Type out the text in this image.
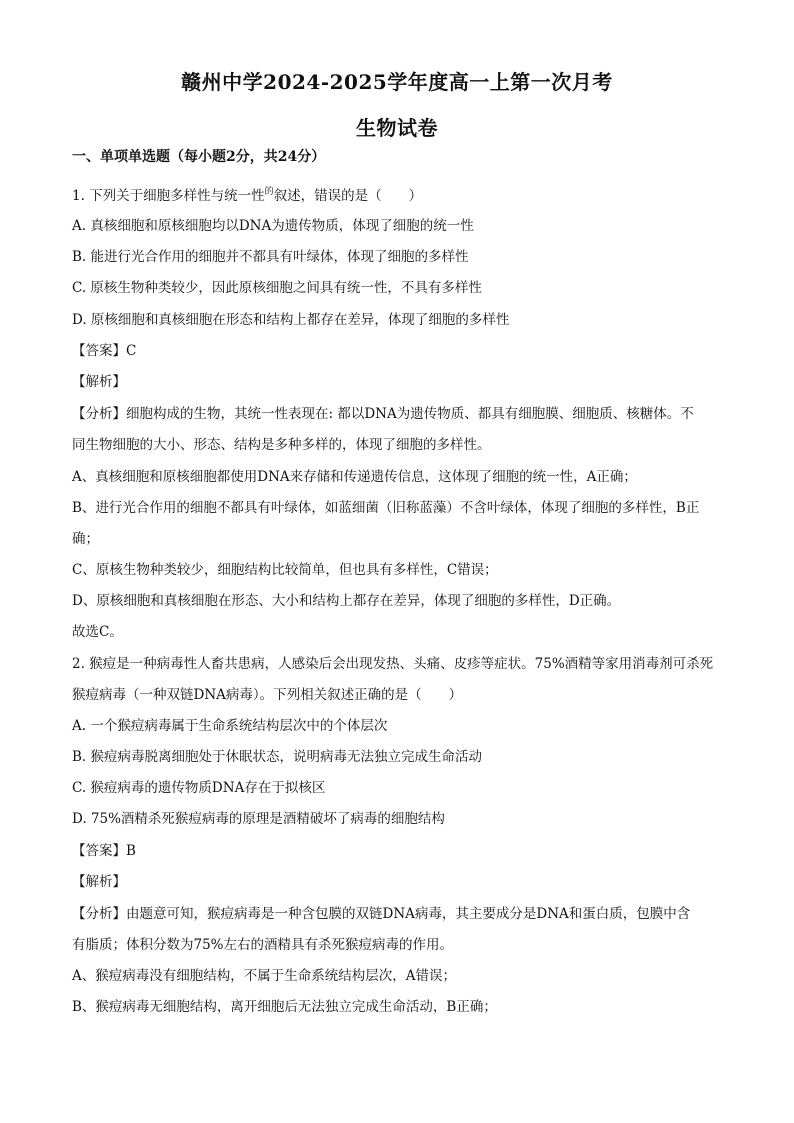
赣州中学2024-2025学年度高一上第一次月考
生物试卷
一、单项单选题（每小题2分，共24分）
1. 下列关于细胞多样性与统一性$^的$叙述，错误的是（　　）
A. 真核细胞和原核细胞均以DNA为遗传物质，体现了细胞的统一性
B. 能进行光合作用的细胞并不都具有叶绿体，体现了细胞的多样性
C. 原核生物种类较少，因此原核细胞之间具有统一性，不具有多样性
D. 原核细胞和真核细胞在形态和结构上都存在差异，体现了细胞的多样性
【答案】C
【解析】
【分析】细胞构成的生物，其统一性表现在: 都以DNA为遗传物质、都具有细胞膜、细胞质、核糖体。不
同生物细胞的大小、形态、结构是多种多样的，体现了细胞的多样性。
A、真核细胞和原核细胞都使用DNA来存储和传递遗传信息，这体现了细胞的统一性，A正确；
B、进行光合作用的细胞不都具有叶绿体，如蓝细菌（旧称蓝藻）不含叶绿体，体现了细胞的多样性，B正
确；
C、原核生物种类较少，细胞结构比较简单，但也具有多样性，C错误；
D、原核细胞和真核细胞在形态、大小和结构上都存在差异，体现了细胞的多样性，D正确。
故选C。
2. 猴痘是一种病毒性人畜共患病，人感染后会出现发热、头痛、皮疹等症状。75%酒精等家用消毒剂可杀死
猴痘病毒（一种双链DNA病毒）。下列相关叙述正确的是（　　）
A. 一个猴痘病毒属于生命系统结构层次中的个体层次
B. 猴痘病毒脱离细胞处于休眠状态，说明病毒无法独立完成生命活动
C. 猴痘病毒的遗传物质DNA存在于拟核区
D. 75%酒精杀死猴痘病毒的原理是酒精破坏了病毒的细胞结构
【答案】B
【解析】
【分析】由题意可知，猴痘病毒是一种含包膜的双链DNA病毒，其主要成分是DNA和蛋白质，包膜中含
有脂质；体积分数为75%左右的酒精具有杀死猴痘病毒的作用。
A、猴痘病毒没有细胞结构，不属于生命系统结构层次，A错误；
B、猴痘病毒无细胞结构，离开细胞后无法独立完成生命活动，B正确；
